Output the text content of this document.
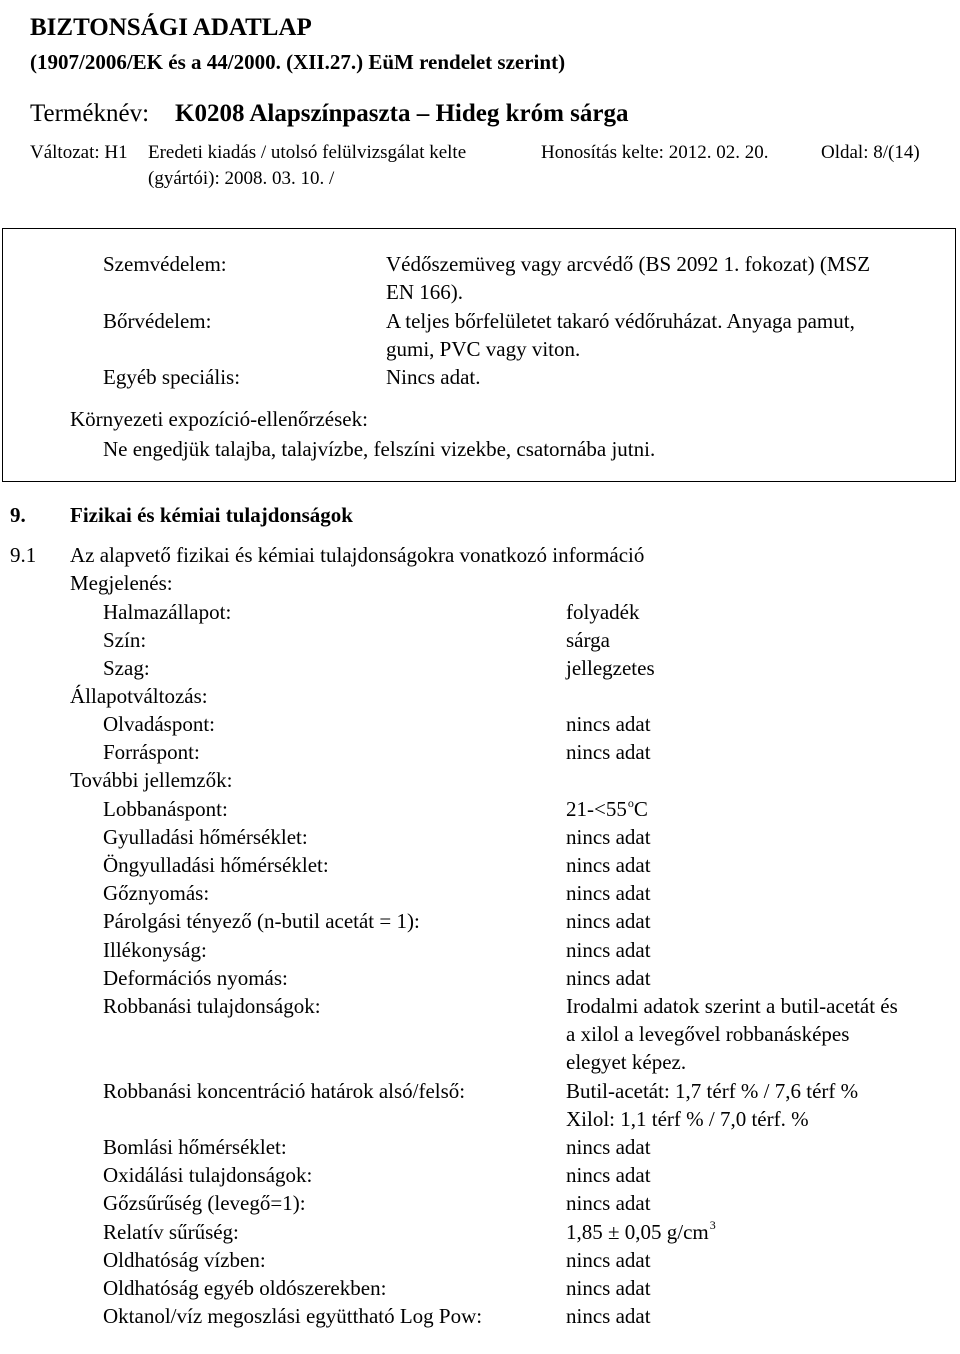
BIZTONSÁGI ADATLAP
(1907/2006/EK és a 44/2000. (XII.27.) EüM rendelet szerint)
Terméknév: K0208 Alapszínpaszta – Hideg króm sárga
Változat: H1 Eredeti kiadás / utolsó felülvizsgálat kelte
(gyártói): 2008. 03. 10. /
Honosítás kelte: 2012. 02. 20.	Oldal: 8/(14)
Szemvédelem:	Védőszemüveg vagy arcvédő (BS 2092 1. fokozat) (MSZ
EN 166).
Bőrvédelem:	A teljes bőrfelületet takaró védőruházat. Anyaga pamut,
gumi, PVC vagy viton.
Egyéb speciális:	Nincs adat.
Környezeti expozíció-ellenőrzések:
Ne engedjük talajba, talajvízbe, felszíni vizekbe, csatornába jutni.
9. Fizikai és kémiai tulajdonságok
9.1 Az alapvető fizikai és kémiai tulajdonságokra vonatkozó információ
Megjelenés:
Halmazállapot:	folyadék
Szín:	sárga
Szag:	jellegzetes
Állapotváltozás:
Olvadáspont:	nincs adat
Forráspont:	nincs adat
További jellemzők:
Lobbanáspont:	$21-<55^oC$
Gyulladási hőmérséklet:	nincs adat
Öngyulladási hőmérséklet:	nincs adat
Gőznyomás:	nincs adat
Párolgási tényező (n-butil acetát = 1):	nincs adat
Illékonyság:	nincs adat
Deformációs nyomás:	nincs adat
Robbanási tulajdonságok:	Irodalmi adatok szerint a butil-acetát és
a xilol a levegővel robbanásképes
elegyet képez.
Robbanási koncentráció határok alsó/felső:	Butil-acetát: 1,7 térf % / 7,6 térf %
Xilol: 1,1 térf % / 7,0 térf. %
Bomlási hőmérséklet:	nincs adat
Oxidálási tulajdonságok:	nincs adat
Gőzsűrűség (levegő=1):	nincs adat
Relatív sűrűség:	1,85 ± 0,05 $g/cm^3$
Oldhatóság vízben:	nincs adat
Oldhatóság egyéb oldószerekben:	nincs adat
Oktanol/víz megoszlási együttható Log Pow:	nincs adat
